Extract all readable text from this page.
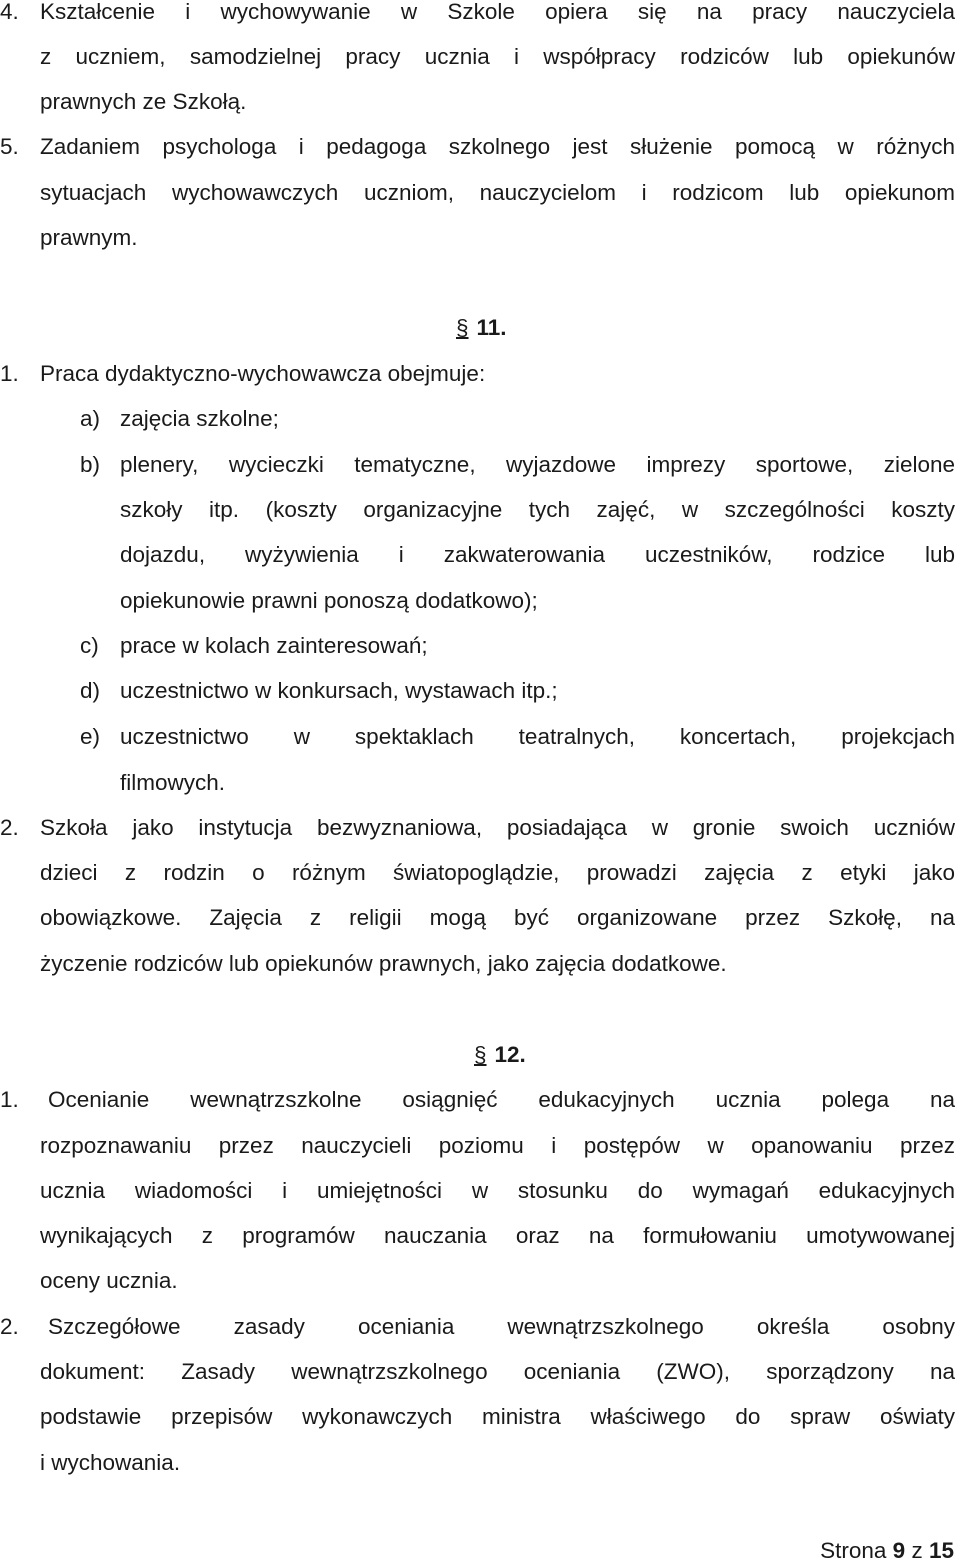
4. Kształcenie i wychowywanie w Szkole opiera się na pracy nauczyciela
z uczniem, samodzielnej pracy ucznia i współpracy rodziców lub opiekunów
prawnych ze Szkołą.
5. Zadaniem psychologa i pedagoga szkolnego jest służenie pomocą w różnych
sytuacjach wychowawczych uczniom, nauczycielom i rodzicom lub opiekunom
prawnym.
§ 11.
1. Praca dydaktyczno-wychowawcza obejmuje:
a) zajęcia szkolne;
b) plenery, wycieczki tematyczne, wyjazdowe imprezy sportowe, zielone
szkoły itp. (koszty organizacyjne tych zajęć, w szczególności koszty
dojazdu, wyżywienia i zakwaterowania uczestników, rodzice lub
opiekunowie prawni ponoszą dodatkowo);
c) prace w kolach zainteresowań;
d) uczestnictwo w konkursach, wystawach itp.;
e) uczestnictwo w spektaklach teatralnych, koncertach, projekcjach
filmowych.
2. Szkoła jako instytucja bezwyznaniowa, posiadająca w gronie swoich uczniów
dzieci z rodzin o różnym światopoglądzie, prowadzi zajęcia z etyki jako
obowiązkowe. Zajęcia z religii mogą być organizowane przez Szkołę, na
życzenie rodziców lub opiekunów prawnych, jako zajęcia dodatkowe.
§ 12.
1. Ocenianie wewnątrzszkolne osiągnięć edukacyjnych ucznia polega na
rozpoznawaniu przez nauczycieli poziomu i postępów w opanowaniu przez
ucznia wiadomości i umiejętności w stosunku do wymagań edukacyjnych
wynikających z programów nauczania oraz na formułowaniu umotywowanej
oceny ucznia.
2. Szczegółowe zasady oceniania wewnątrzszkolnego określa osobny
dokument: Zasady wewnątrzszkolnego oceniania (ZWO), sporządzony na
podstawie przepisów wykonawczych ministra właściwego do spraw oświaty
i wychowania.
Strona 9 z 15
